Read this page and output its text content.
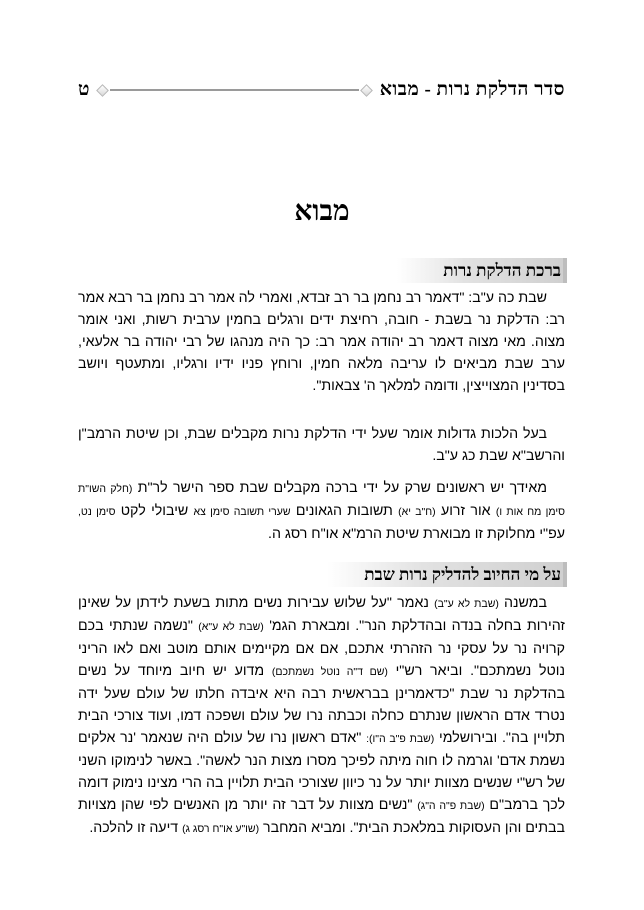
סדר הדלקת נרות - מבוא
ט
מבוא
ברכת הדלקת נרות
שבת כה ע"ב: "דאמר רב נחמן בר רב זבדא, ואמרי לה אמר רב נחמן בר רבא אמר רב: הדלקת נר בשבת - חובה, רחיצת ידים ורגלים בחמין ערבית רשות, ואני אומר מצוה. מאי מצוה דאמר רב יהודה אמר רב: כך היה מנהגו של רבי יהודה בר אלעאי, ערב שבת מביאים לו עריבה מלאה חמין, ורוחץ פניו ידיו ורגליו, ומתעטף ויושב בסדינין המצוייצין, ודומה למלאך ה' צבאות".
בעל הלכות גדולות אומר שעל ידי הדלקת נרות מקבלים שבת, וכן שיטת הרמב"ן והרשב"א שבת כג ע"ב.
מאידך יש ראשונים שרק על ידי ברכה מקבלים שבת ספר הישר לר"ת (חלק השו"ת סימן מח אות ו) אור זרוע (ח"ב יא) תשובות הגאונים שערי תשובה סימן צא שיבולי לקט סימן נט, עפ"י מחלוקת זו מבוארת שיטת הרמ"א או"ח רסג ה.
על מי החיוב להדליק נרות שבת
במשנה (שבת לא ע"ב) נאמר "על שלוש עבירות נשים מתות בשעת לידתן על שאינן זהירות בחלה בנדה ובהדלקת הנר". ומבארת הגמ' (שבת לא ע"א) "נשמה שנתתי בכם קרויה נר על עסקי נר הזהרתי אתכם, אם אם מקיימים אותם מוטב ואם לאו הריני נוטל נשמתכם". וביאר רש"י (שם ד"ה נוטל נשמתכם) מדוע יש חיוב מיוחד על נשים בהדלקת נר שבת "כדאמרינן בבראשית רבה היא איבדה חלתו של עולם שעל ידה נטרד אדם הראשון שנתרם כחלה וכבתה נרו של עולם ושפכה דמו, ועוד צורכי הבית תלויין בה". ובירושלמי (שבת פ"ב ה"ו): "אדם ראשון נרו של עולם היה שנאמר 'נר אלקים נשמת אדם' וגרמה לו חוה מיתה לפיכך מסרו מצות הנר לאשה". באשר לנימוקו השני של רש"י שנשים מצוות יותר על נר כיוון שצורכי הבית תלויין בה הרי מצינו נימוק דומה לכך ברמב"ם (שבת פ"ה ה"ג) "נשים מצוות על דבר זה יותר מן האנשים לפי שהן מצויות בבתים והן העסוקות במלאכת הבית". ומביא המחבר (שו"ע או"ח רסג ג) דיעה זו להלכה.
